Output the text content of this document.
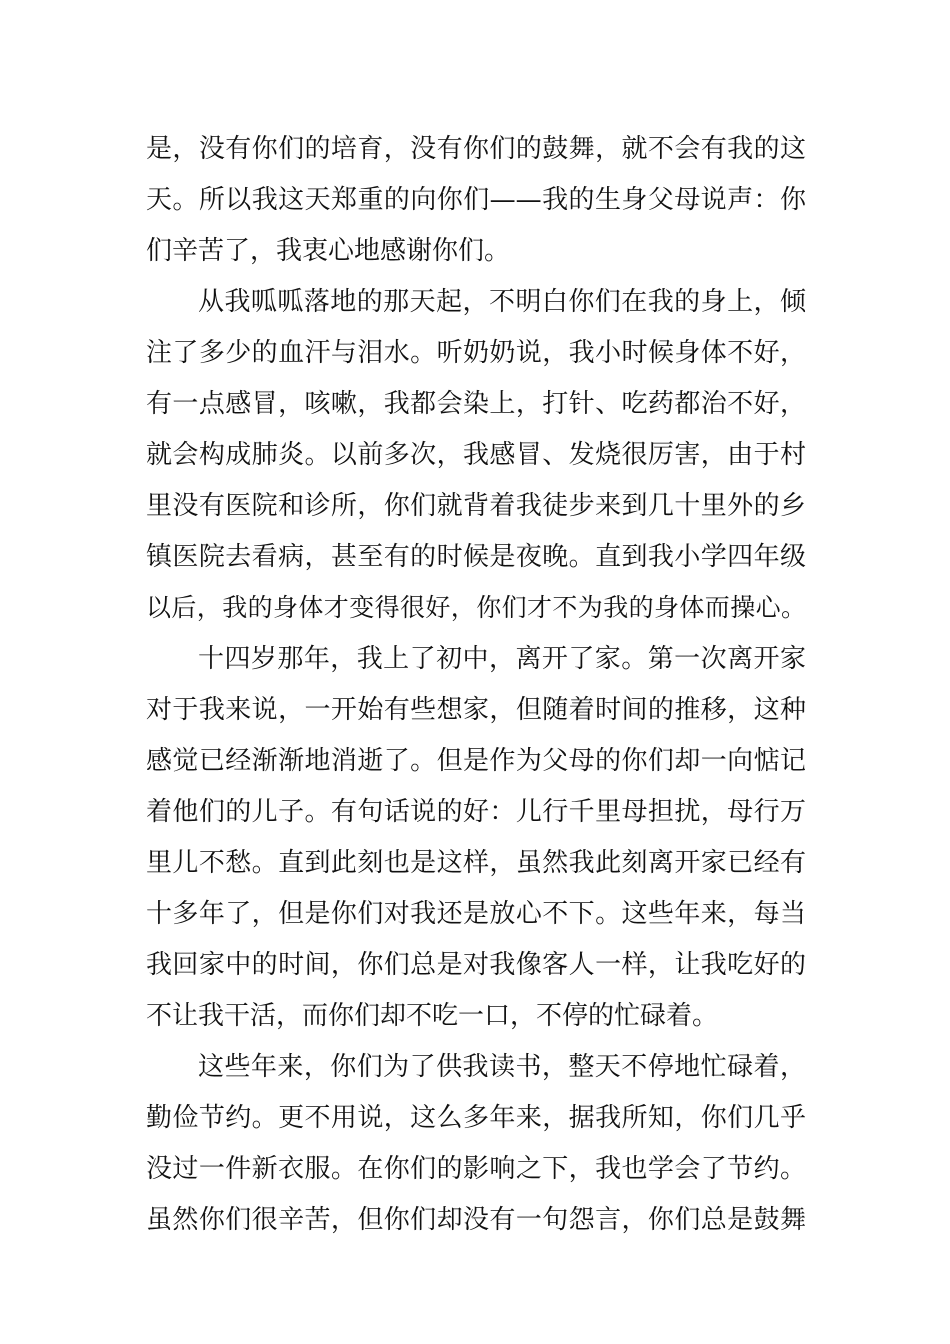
是，没有你们的培育，没有你们的鼓舞，就不会有我的这

天。所以我这天郑重的向你们——我的生身父母说声：你

们辛苦了，我衷心地感谢你们。

从我呱呱落地的那天起，不明白你们在我的身上，倾

注了多少的血汗与泪水。听奶奶说，我小时候身体不好，

有一点感冒，咳嗽，我都会染上，打针、吃药都治不好，

就会构成肺炎。以前多次，我感冒、发烧很厉害，由于村

里没有医院和诊所，你们就背着我徒步来到几十里外的乡

镇医院去看病，甚至有的时候是夜晚。直到我小学四年级

以后，我的身体才变得很好，你们才不为我的身体而操心。

十四岁那年，我上了初中，离开了家。第一次离开家

对于我来说，一开始有些想家，但随着时间的推移，这种

感觉已经渐渐地消逝了。但是作为父母的你们却一向惦记

着他们的儿子。有句话说的好：儿行千里母担扰，母行万

里儿不愁。直到此刻也是这样，虽然我此刻离开家已经有

十多年了，但是你们对我还是放心不下。这些年来，每当

我回家中的时间，你们总是对我像客人一样，让我吃好的

不让我干活，而你们却不吃一口，不停的忙碌着。

这些年来，你们为了供我读书，整天不停地忙碌着，

勤俭节约。更不用说，这么多年来，据我所知，你们几乎

没过一件新衣服。在你们的影响之下，我也学会了节约。

虽然你们很辛苦，但你们却没有一句怨言，你们总是鼓舞
